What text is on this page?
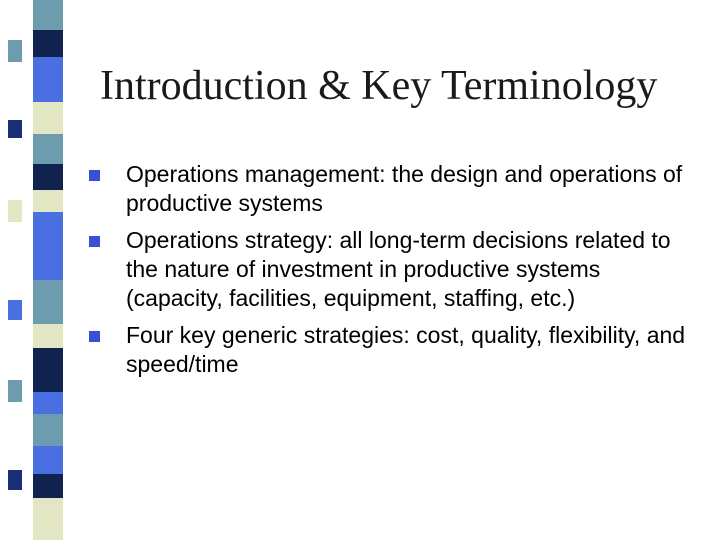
Introduction & Key Terminology
Operations management: the design and operations of productive systems
Operations strategy: all long-term decisions related to the nature of investment in productive systems (capacity, facilities, equipment, staffing, etc.)
Four key generic strategies: cost, quality, flexibility, and speed/time
